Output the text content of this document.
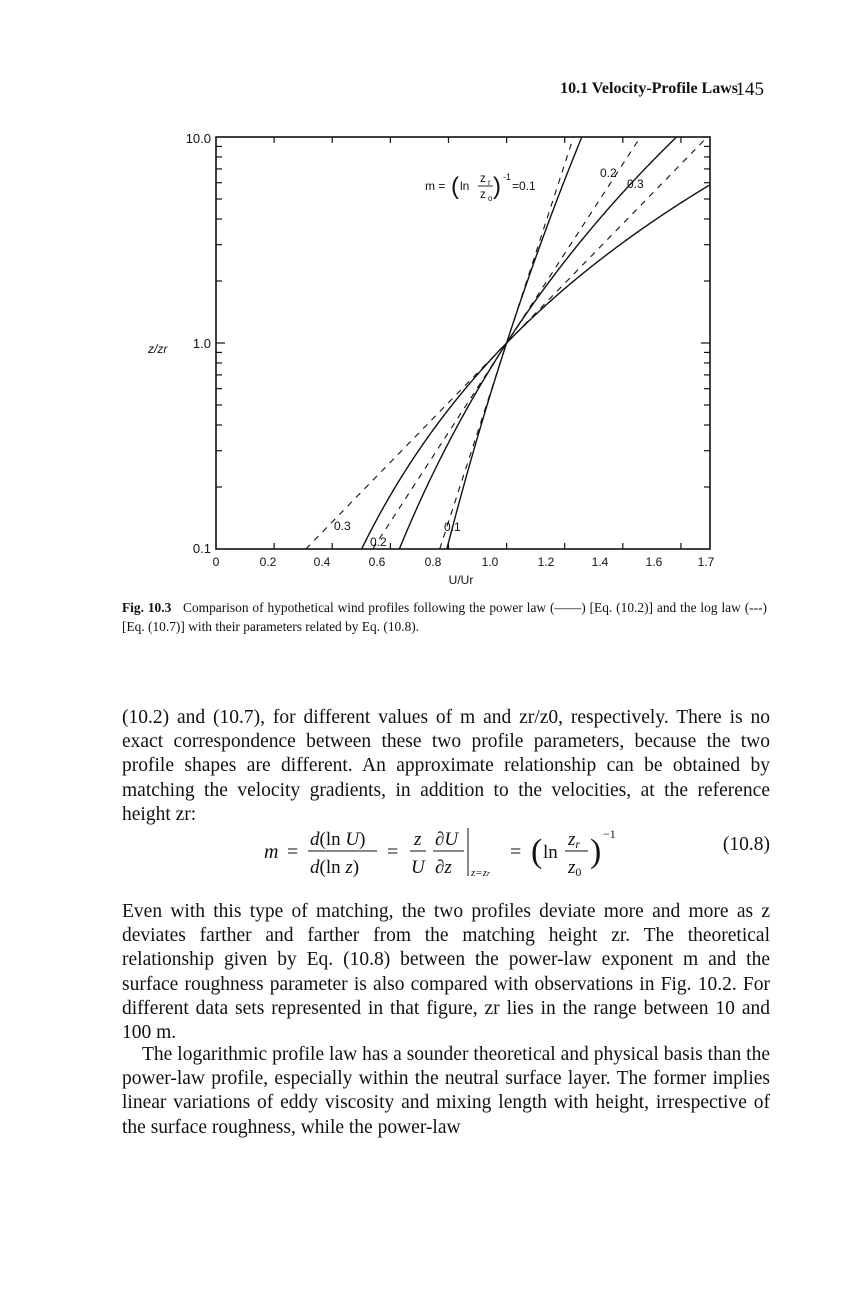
10.1 Velocity-Profile Laws
145
10.0
1.0
0.1
0	0.2	0.4	0.6	0.8	1.0	1.2	1.4	1.6	1.7
U/Ur
z/zr
0.1
0.2
0.3
0.2
0.3
m = ( ln z r
z o ) -1
=0.1
Fig. 10.3 Comparison of hypothetical wind profiles following the power law (——) [Eq. (10.2)] and the log law (---) [Eq. (10.7)] with their parameters related by Eq. (10.8).

(10.2) and (10.7), for different values of m and zr/z0, respectively. There is no exact correspondence between these two profile parameters, because the two profile shapes are different. An approximate relationship can be obtained by matching the velocity gradients, in addition to the velocities, at the reference height zr:

m =
d(ln U)
d(ln z)
=
z
U
∂U
∂z z=zr
= ( ln
zr
z0
) −1	(10.8)

Even with this type of matching, the two profiles deviate more and more as z deviates farther and farther from the matching height zr. The theoretical relationship given by Eq. (10.8) between the power-law exponent m and the surface roughness parameter is also compared with observations in Fig. 10.2. For different data sets represented in that figure, zr lies in the range between 10 and 100 m.

The logarithmic profile law has a sounder theoretical and physical basis than the power-law profile, especially within the neutral surface layer. The former implies linear variations of eddy viscosity and mixing length with height, irrespective of the surface roughness, while the power-law
